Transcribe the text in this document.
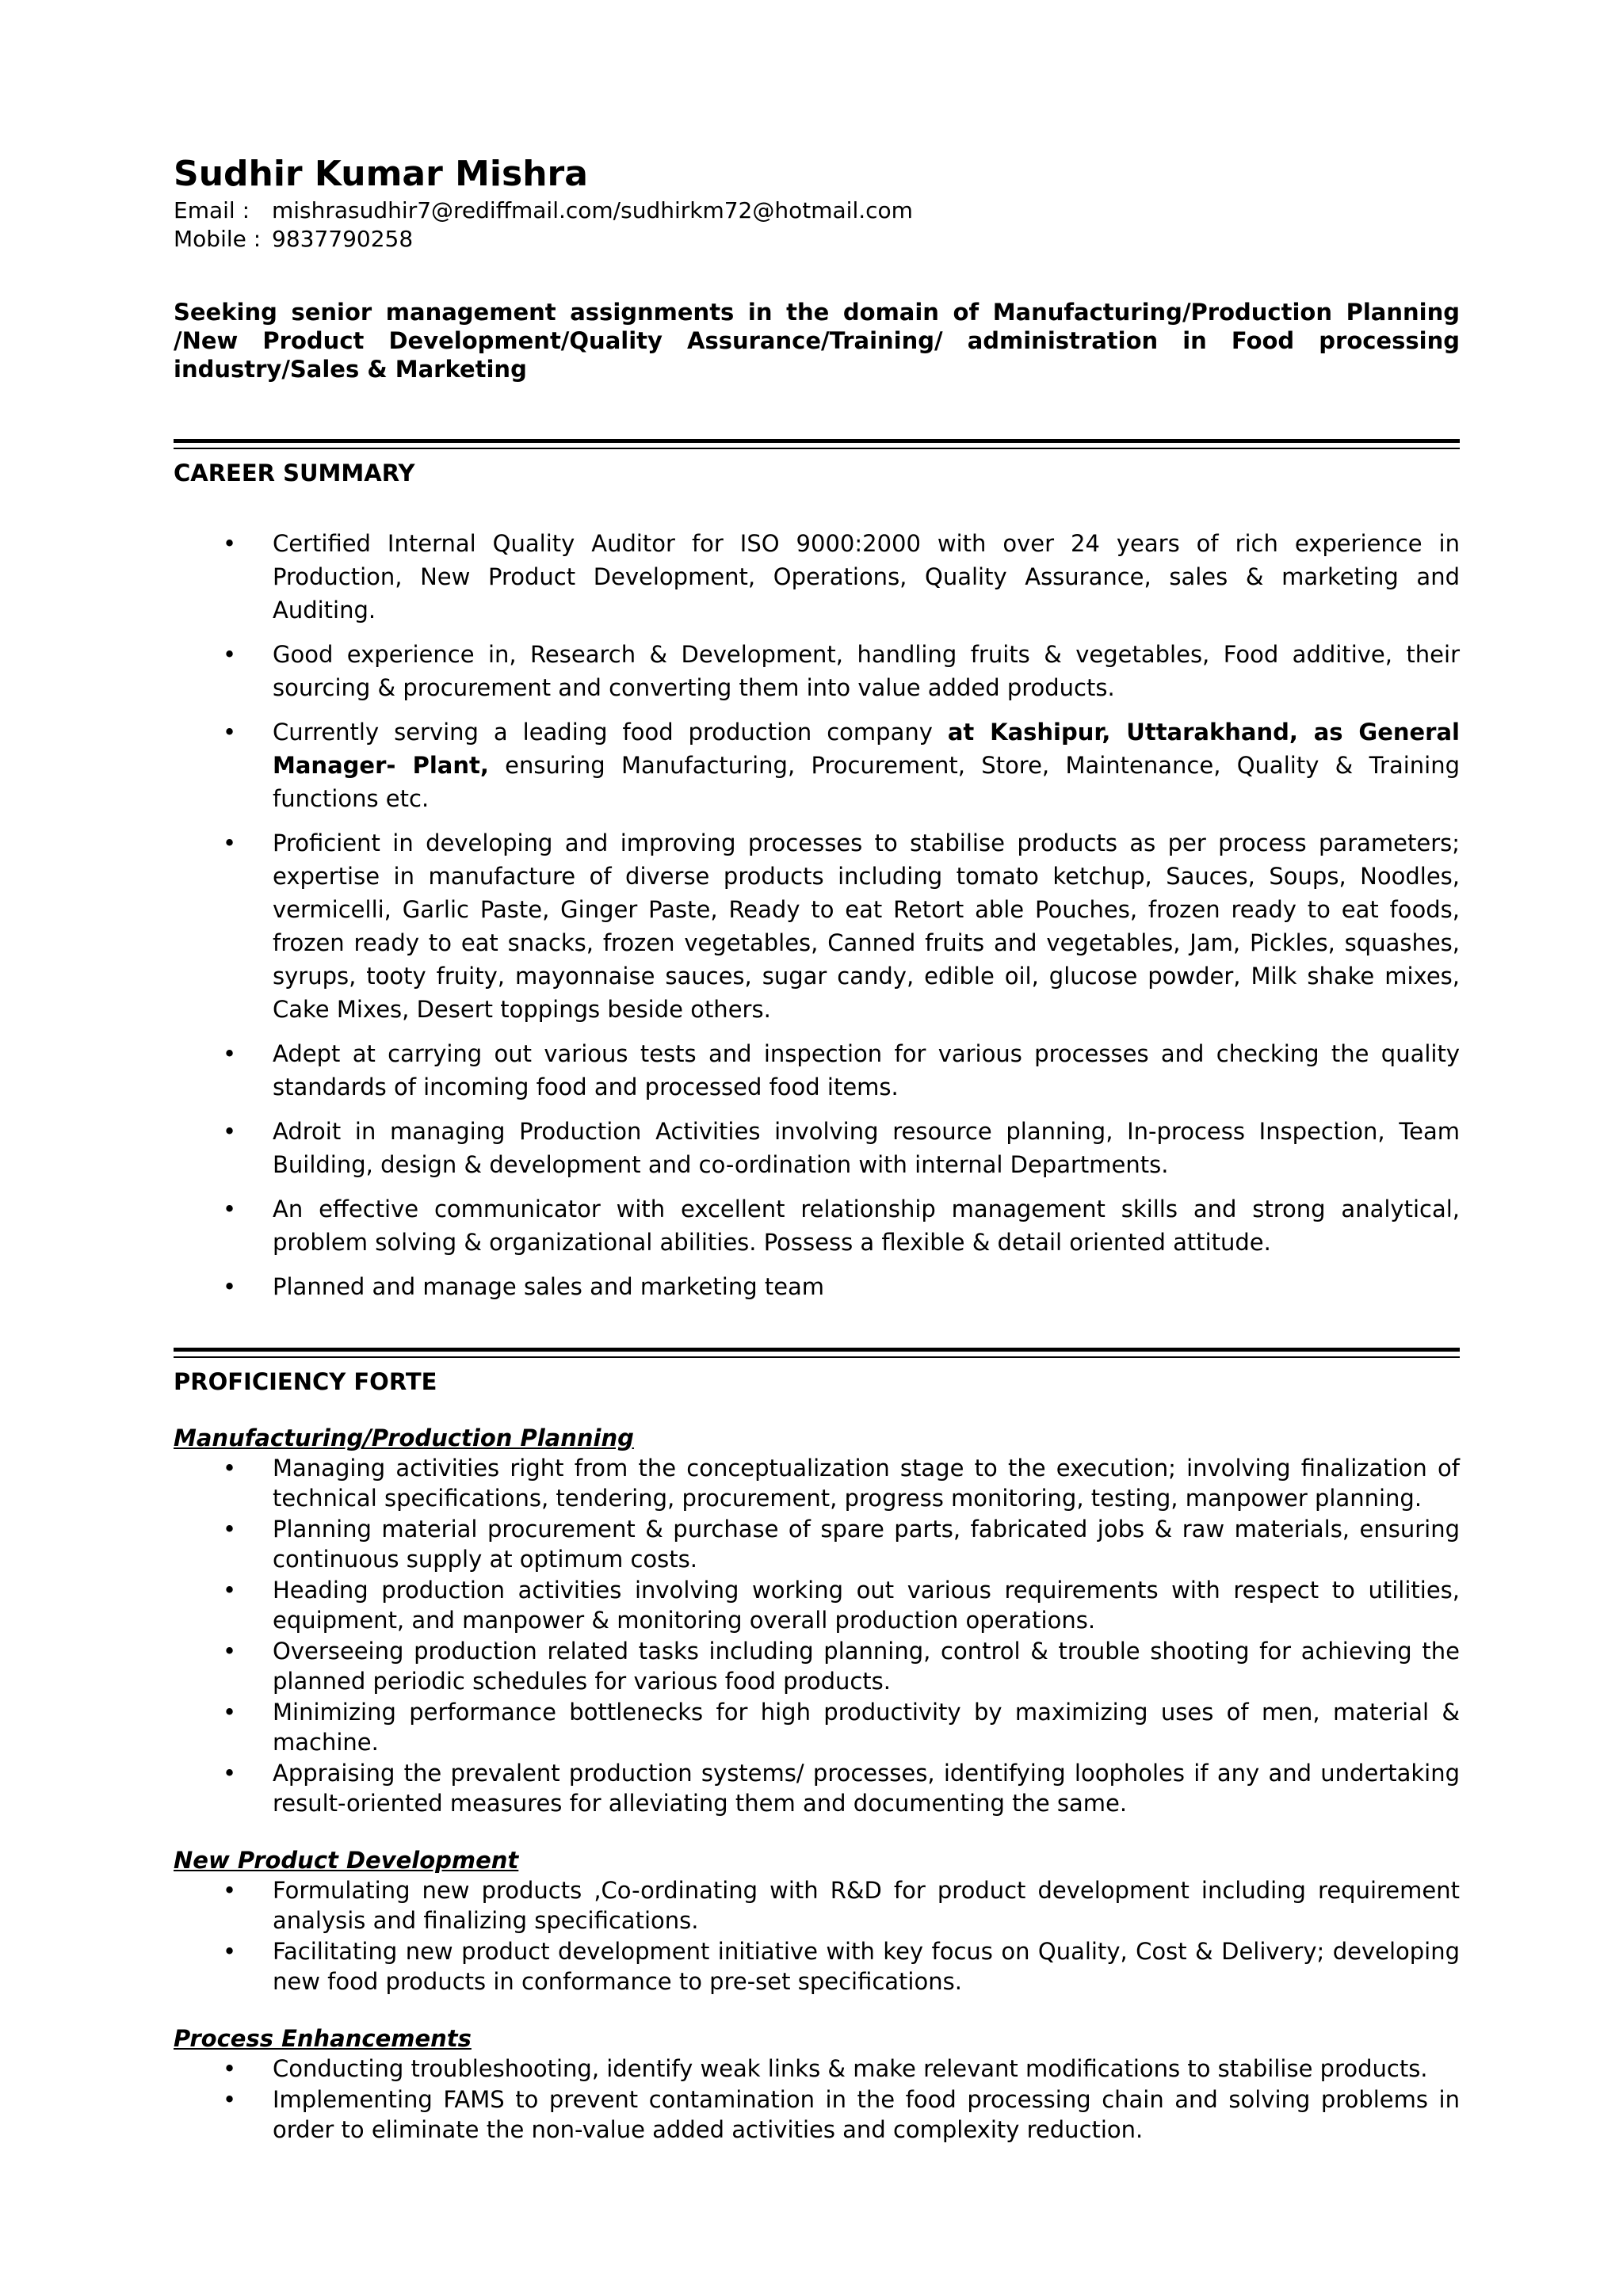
Sudhir Kumar Mishra
Email : mishrasudhir7@rediffmail.com/sudhirkm72@hotmail.com
Mobile : 9837790258
Seeking senior management assignments in the domain of Manufacturing/Production Planning /New Product Development/Quality Assurance/Training/ administration in Food processing industry/Sales & Marketing
CAREER SUMMARY
• Certified Internal Quality Auditor for ISO 9000:2000 with over 24 years of rich experience in Production, New Product Development, Operations, Quality Assurance, sales & marketing and Auditing.
• Good experience in, Research & Development, handling fruits & vegetables, Food additive, their sourcing & procurement and converting them into value added products.
• Currently serving a leading food production company at Kashipur, Uttarakhand, as General Manager- Plant, ensuring Manufacturing, Procurement, Store, Maintenance, Quality & Training functions etc.
• Proficient in developing and improving processes to stabilise products as per process parameters; expertise in manufacture of diverse products including tomato ketchup, Sauces, Soups, Noodles, vermicelli, Garlic Paste, Ginger Paste, Ready to eat Retort able Pouches, frozen ready to eat foods, frozen ready to eat snacks, frozen vegetables, Canned fruits and vegetables, Jam, Pickles, squashes, syrups, tooty fruity, mayonnaise sauces, sugar candy, edible oil, glucose powder, Milk shake mixes, Cake Mixes, Desert toppings beside others.
• Adept at carrying out various tests and inspection for various processes and checking the quality standards of incoming food and processed food items.
• Adroit in managing Production Activities involving resource planning, In-process Inspection, Team Building, design & development and co-ordination with internal Departments.
• An effective communicator with excellent relationship management skills and strong analytical, problem solving & organizational abilities. Possess a flexible & detail oriented attitude.
• Planned and manage sales and marketing team
PROFICIENCY FORTE
Manufacturing/Production Planning
• Managing activities right from the conceptualization stage to the execution; involving finalization of technical specifications, tendering, procurement, progress monitoring, testing, manpower planning.
• Planning material procurement & purchase of spare parts, fabricated jobs & raw materials, ensuring continuous supply at optimum costs.
• Heading production activities involving working out various requirements with respect to utilities, equipment, and manpower & monitoring overall production operations.
• Overseeing production related tasks including planning, control & trouble shooting for achieving the planned periodic schedules for various food products.
• Minimizing performance bottlenecks for high productivity by maximizing uses of men, material & machine.
• Appraising the prevalent production systems/ processes, identifying loopholes if any and undertaking result-oriented measures for alleviating them and documenting the same.
New Product Development
• Formulating new products ,Co-ordinating with R&D for product development including requirement analysis and finalizing specifications.
• Facilitating new product development initiative with key focus on Quality, Cost & Delivery; developing new food products in conformance to pre-set specifications.
Process Enhancements
• Conducting troubleshooting, identify weak links & make relevant modifications to stabilise products.
• Implementing FAMS to prevent contamination in the food processing chain and solving problems in order to eliminate the non-value added activities and complexity reduction.
